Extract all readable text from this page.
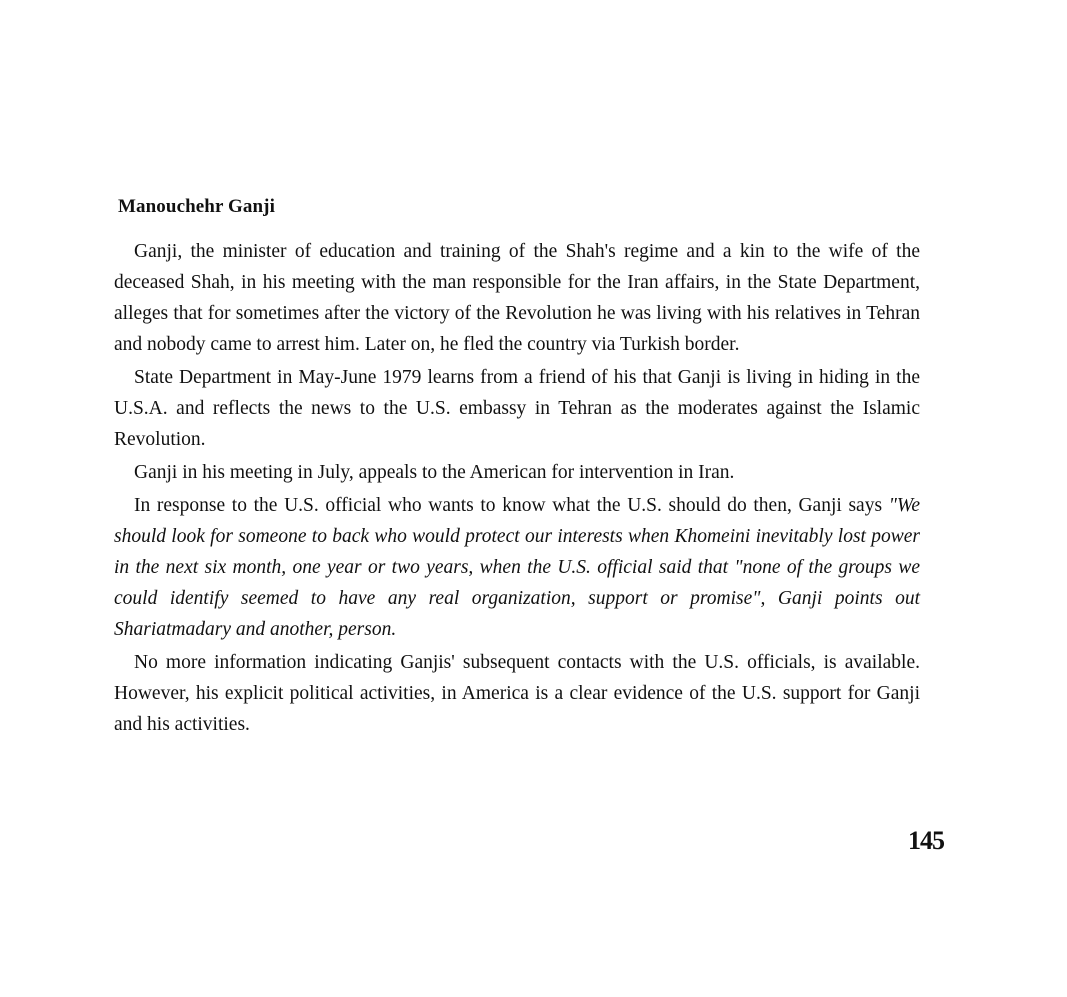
Manouchehr Ganji

Ganji, the minister of education and training of the Shah's regime and a kin to the wife of the deceased Shah, in his meeting with the man responsible for the Iran affairs, in the State Department, alleges that for sometimes after the victory of the Revolution he was living with his relatives in Tehran and nobody came to arrest him. Later on, he fled the country via Turkish border.

State Department in May-June 1979 learns from a friend of his that Ganji is living in hiding in the U.S.A. and reflects the news to the U.S. embassy in Tehran as the moderates against the Islamic Revolution.

Ganji in his meeting in July, appeals to the American for intervention in Iran.

In response to the U.S. official who wants to know what the U.S. should do then, Ganji says "We should look for someone to back who would protect our interests when Khomeini inevitably lost power in the next six month, one year or two years, when the U.S. official said that "none of the groups we could identify seemed to have any real organization, support or promise", Ganji points out Shariatmadary and another, person.

No more information indicating Ganjis' subsequent contacts with the U.S. officials, is available. However, his explicit political activities, in America is a clear evidence of the U.S. support for Ganji and his activities.

145
